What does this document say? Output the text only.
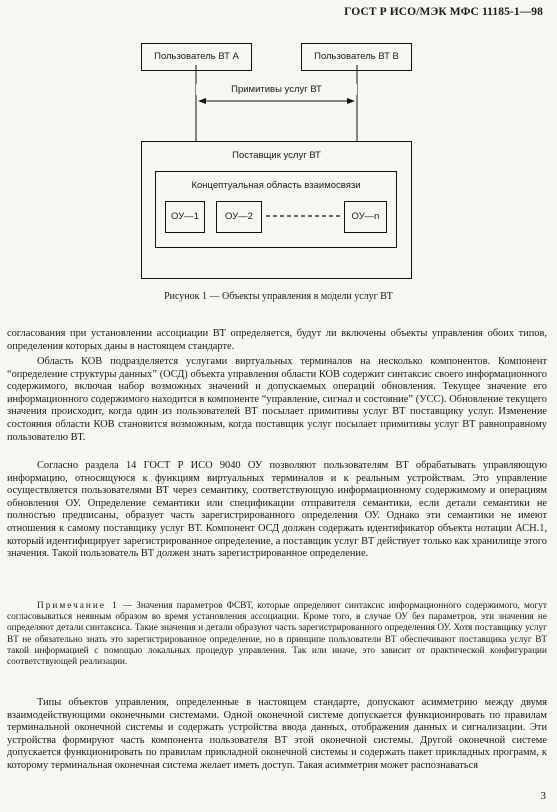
ГОСТ Р ИСО/МЭК МФС 11185-1—98
Пользователь ВТ А	Пользователь ВТ В
Примитивы услуг ВТ
Поставщик услуг ВТ
Концептуальная область взаимосвязи
ОУ—1	ОУ—2	ОУ—n
Рисунок 1 — Объекты управления в модели услуг ВТ

согласования при установлении ассоциации ВТ определяется, будут ли включены объекты управления обоих типов, определения которых даны в настоящем стандарте.

Область КОВ подразделяется услугами виртуальных терминалов на несколько компонентов. Компонент “определение структуры данных” (ОСД) объекта управления области КОВ содержит синтаксис своего информационного содержимого, включая набор возможных значений и допускаемых операций обновления. Текущее значение его информационного содержимого находится в компоненте “управление, сигнал и состояние” (УСС). Обновление текущего значения происходит, когда один из пользователей ВТ посылает примитивы услуг ВТ поставщику услуг. Изменение состояния области КОВ становится возможным, когда поставщик услуг посылает примитивы услуг ВТ равноправному пользователю ВТ.

Согласно раздела 14 ГОСТ Р ИСО 9040 ОУ позволяют пользователям ВТ обрабатывать управляющую информацию, относящуюся к функциям виртуальных терминалов и к реальным устройствам. Это управление осуществляется пользователями ВТ через семантику, соответствующую информационному содержимому и операциям обновления ОУ. Определение семантики или спецификации отправителя семантики, если детали семантики не полностью предписаны, образует часть зарегистрированного определения ОУ. Однако эти семантики не имеют отношения к самому поставщику услуг ВТ. Компонент ОСД должен содержать идентификатор объекта нотации АСН.1, который идентифицирует зарегистрированное определение, а поставщик услуг ВТ действует только как хранилище этого значения. Такой пользователь ВТ должен знать зарегистрированное определение.

Примечание 1 — Значения параметров ФСВТ, которые определяют синтаксис информационного содержимого, могут согласовываться неявным образом во время установления ассоциации. Кроме того, в случае ОУ без параметров, эти значения не определяют детали синтаксиса. Такие значения и детали образуют часть зарегистрированного определения ОУ. Хотя поставщику услуг ВТ не обязательно знать это зарегистрированное определение, но в принципе пользователи ВТ обеспечивают поставщика услуг ВТ такой информацией с помощью локальных процедур управления. Так или иначе, это зависит от практической конфигурации соответствующей реализации.

Типы объектов управления, определенные в настоящем стандарте, допускают асимметрию между двумя взаимодействующими оконечными системами. Одной оконечной системе допускается функционировать по правилам терминальной оконечной системы и содержать устройства ввода данных, отображения данных и сигнализации. Эти устройства формируют часть компонента пользователя ВТ этой оконечной системы. Другой оконечной системе допускается функционировать по правилам прикладной оконечной системы и содержать пакет прикладных программ, к которому терминальная оконечная система желает иметь доступ. Такая асимметрия может распознаваться

3
